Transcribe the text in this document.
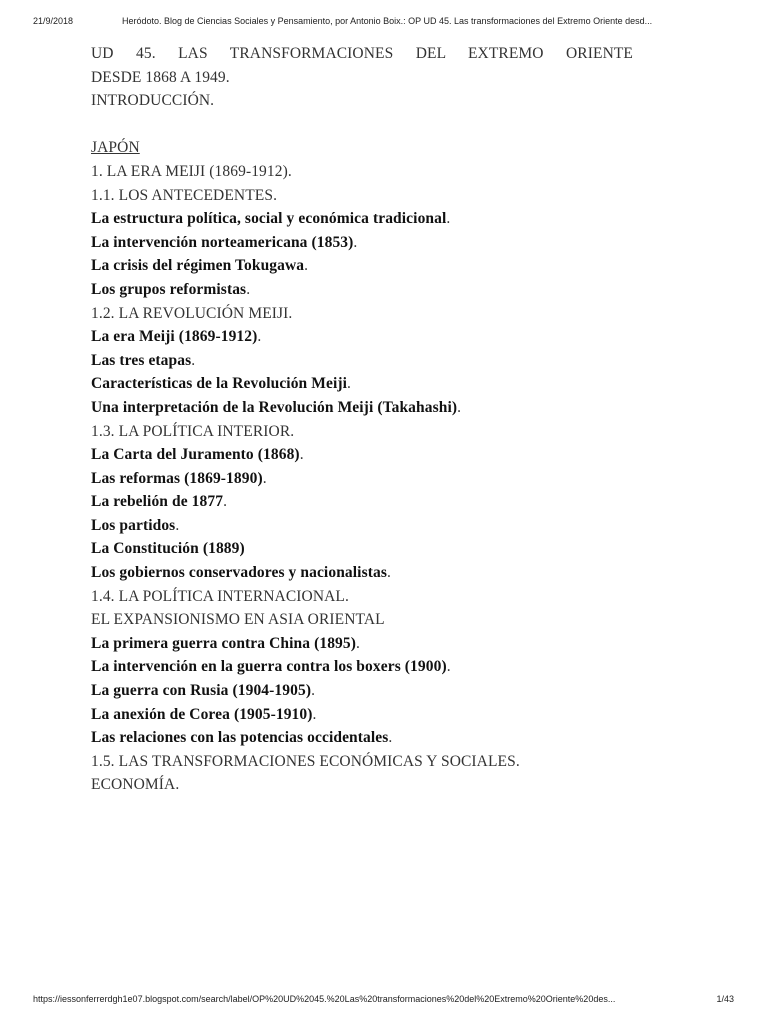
21/9/2018	Heródoto. Blog de Ciencias Sociales y Pensamiento, por Antonio Boix.: OP UD 45. Las transformaciones del Extremo Oriente desd...

UD 45. LAS TRANSFORMACIONES DEL EXTREMO ORIENTE

DESDE 1868 A 1949.

INTRODUCCIÓN.

JAPÓN

1. LA ERA MEIJI (1869-1912).

1.1. LOS ANTECEDENTES.

La estructura política, social y económica tradicional.

La intervención norteamericana (1853).

La crisis del régimen Tokugawa.

Los grupos reformistas.

1.2. LA REVOLUCIÓN MEIJI.

La era Meiji (1869-1912).

Las tres etapas.

Características de la Revolución Meiji.

Una interpretación de la Revolución Meiji (Takahashi).

1.3. LA POLÍTICA INTERIOR.

La Carta del Juramento (1868).

Las reformas (1869-1890).

La rebelión de 1877.

Los partidos.

La Constitución (1889)

Los gobiernos conservadores y nacionalistas.

1.4. LA POLÍTICA INTERNACIONAL.

EL EXPANSIONISMO EN ASIA ORIENTAL

La primera guerra contra China (1895).

La intervención en la guerra contra los boxers (1900).

La guerra con Rusia (1904-1905).

La anexión de Corea (1905-1910).

Las relaciones con las potencias occidentales.

1.5. LAS TRANSFORMACIONES ECONÓMICAS Y SOCIALES.

ECONOMÍA.

https://iessonferrerdgh1e07.blogspot.com/search/label/OP%20UD%2045.%20Las%20transformaciones%20del%20Extremo%20Oriente%20des...	1/43
